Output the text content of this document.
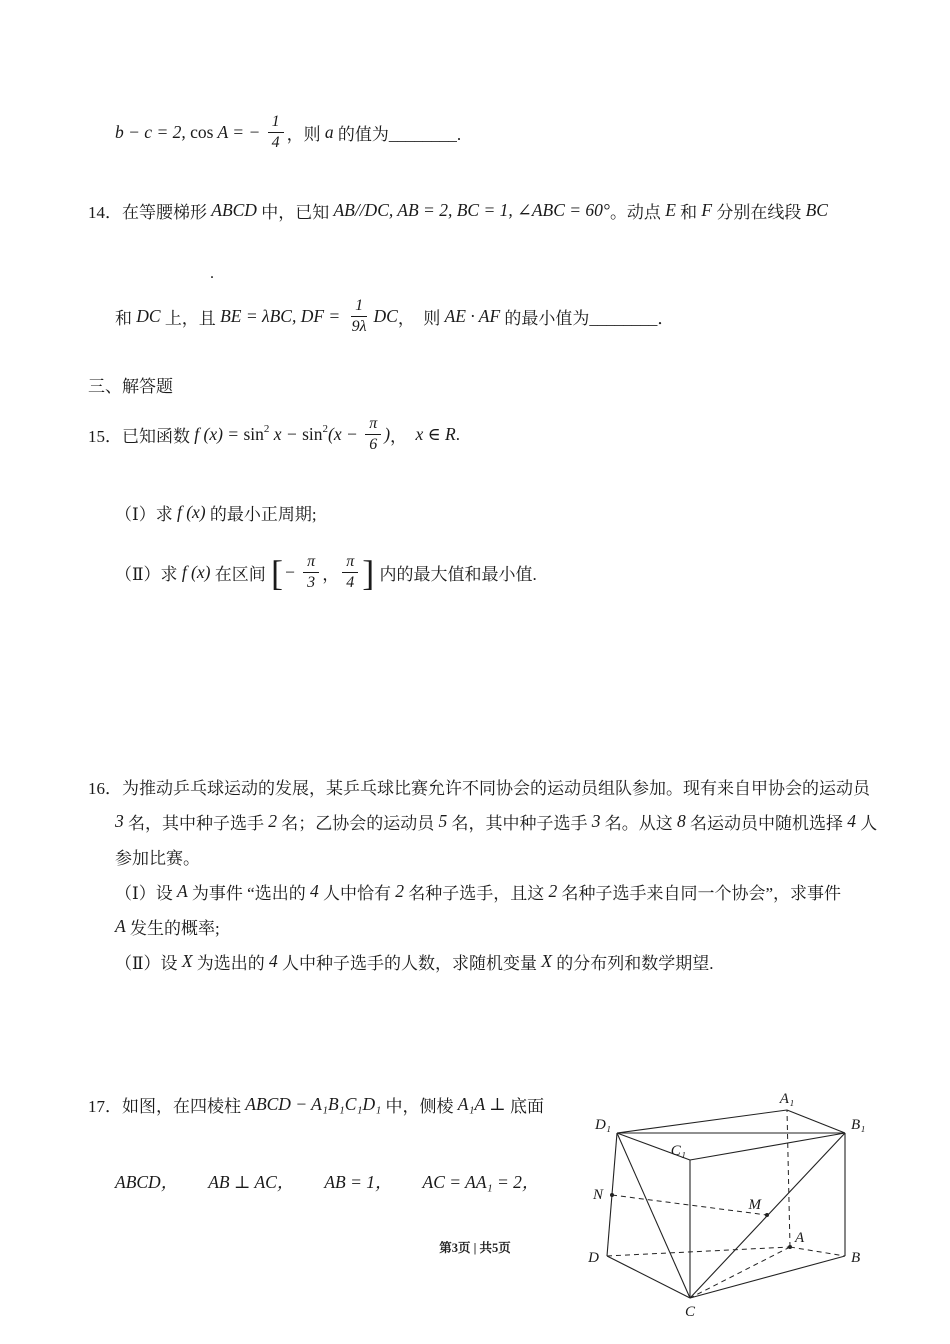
b − c = 2, cos A = − $\frac{1}{4}$ ，则 a 的值为________.
14． 在等腰梯形 ABCD 中，已知 AB//DC, AB = 2, BC = 1, ∠ABC = 60° 。动点 E 和 F 分别在线段 BC
.
和 DC 上，且 BE = λBC, DF = $\frac{1}{9\lambda}$ DC ，  则 AE · AF 的最小值为________．
三、解答题
15． 已知函数 f (x) = sin 2 x − sin 2 ($x - \frac{\pi}{6}$ ) ， x ∈ R .
（Ⅰ）求 f (x) 的最小正周期;
（Ⅱ）求 f (x) 在区间 [ − $\frac{\pi}{3}$ ， $\frac{\pi}{4}$ ] 内的最大值和最小值.
16． 为推动乒乓球运动的发展，某乒乓球比赛允许不同协会的运动员组队参加。现有来自甲协会的运动员
3 名，其中种子选手 2 名；乙协会的运动员 5 名，其中种子选手 3 名。从这 8 名运动员中随机选择 4 人
参加比赛。
（Ⅰ）设 A 为事件 “选出的 4 人中恰有 2 名种子选手，且这 2 名种子选手来自同一个协会”，求事件
A 发生的概率;
（Ⅱ）设 X 为选出的 4 人中种子选手的人数，求随机变量 X 的分布列和数学期望.
17． 如图，在四棱柱 ABCD − A₁B₁C₁D₁ 中，侧棱 A₁A ⊥ 底面
ABCD， AB ⊥ AC， AB = 1， AC = AA₁ = 2，
D₁
A₁
B₁
C₁
N
M
D
A
B
C
第3页 | 共5页
